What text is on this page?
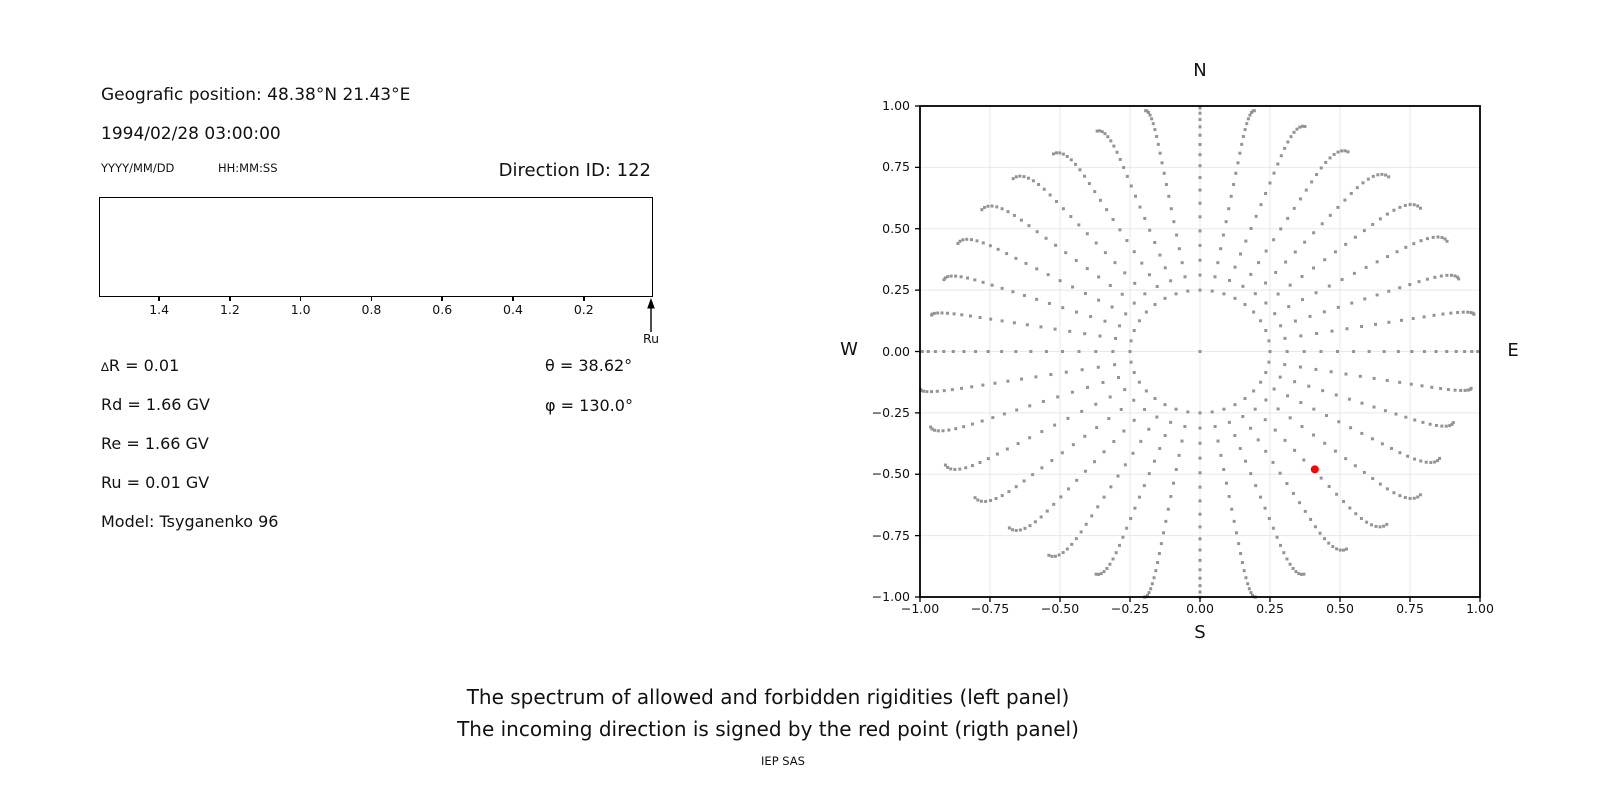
Geografic position: 48.38°N 21.43°E
1994/02/28 03:00:00
YYYY/MM/DD	HH:MM:SS	Direction ID: 122
1.4	1.2	1.0	0.8	0.6	0.4	0.2
Ru
∆R = 0.01
Rd = 1.66 GV
Re = 1.66 GV
Ru = 0.01 GV
Model: Tsyganenko 96
θ = 38.62°
φ = 130.0°
N
S
W	E
−1.00
−0.75
−0.50
−0.25
0.00
0.25
0.50
0.75
1.00
−1.00	−0.75	−0.50	−0.25	0.00	0.25	0.50	0.75	1.00
The spectrum of allowed and forbidden rigidities (left panel)
The incoming direction is signed by the red point (rigth panel)
IEP SAS
